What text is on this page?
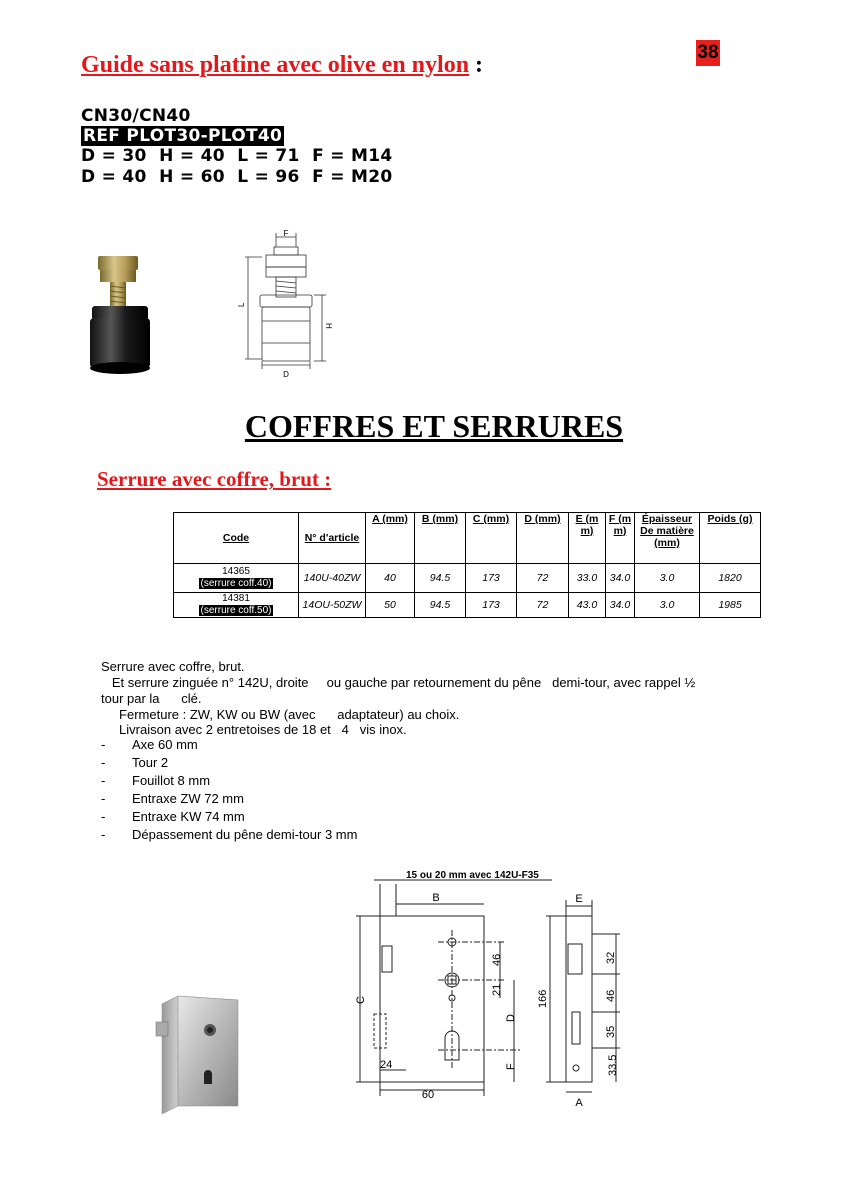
38
Guide sans platine avec olive en nylon :
CN30/CN40
REF PLOT30-PLOT40
D = 30  H = 40  L = 71  F = M14
D = 40  H = 60  L = 96  F = M20
F
L
H
D
COFFRES ET SERRURES
Serrure avec coffre, brut :
Code	N° d'article	A (mm)	B (mm)	C (mm)	D (mm)	E (m m)	F (m m)	Épaisseur De matière (mm)	Poids (g)

14365
(serrure coff.40)	140U-40ZW	40	94.5	173	72	33.0	34.0	3.0	1820

14381
(serrure coff.50)	14OU-50ZW	50	94.5	173	72	43.0	34.0	3.0	1985
Serrure avec coffre, brut.
Et serrure zinguée n° 142U, droite     ou gauche par retournement du pêne   demi-tour, avec rappel ½
tour par la      clé.
Fermeture : ZW, KW ou BW (avec      adaptateur) au choix.
Livraison avec 2 entretoises de 18 et   4   vis inox.
- Axe 60 mm
- Tour 2
- Fouillot 8 mm
- Entraxe ZW 72 mm
- Entraxe KW 74 mm
- Dépassement du pêne demi-tour 3 mm
15 ou 20 mm avec 142U-F35
B
C
46
21
D
F
24
60
E
166
32
46
35
33.5
A
